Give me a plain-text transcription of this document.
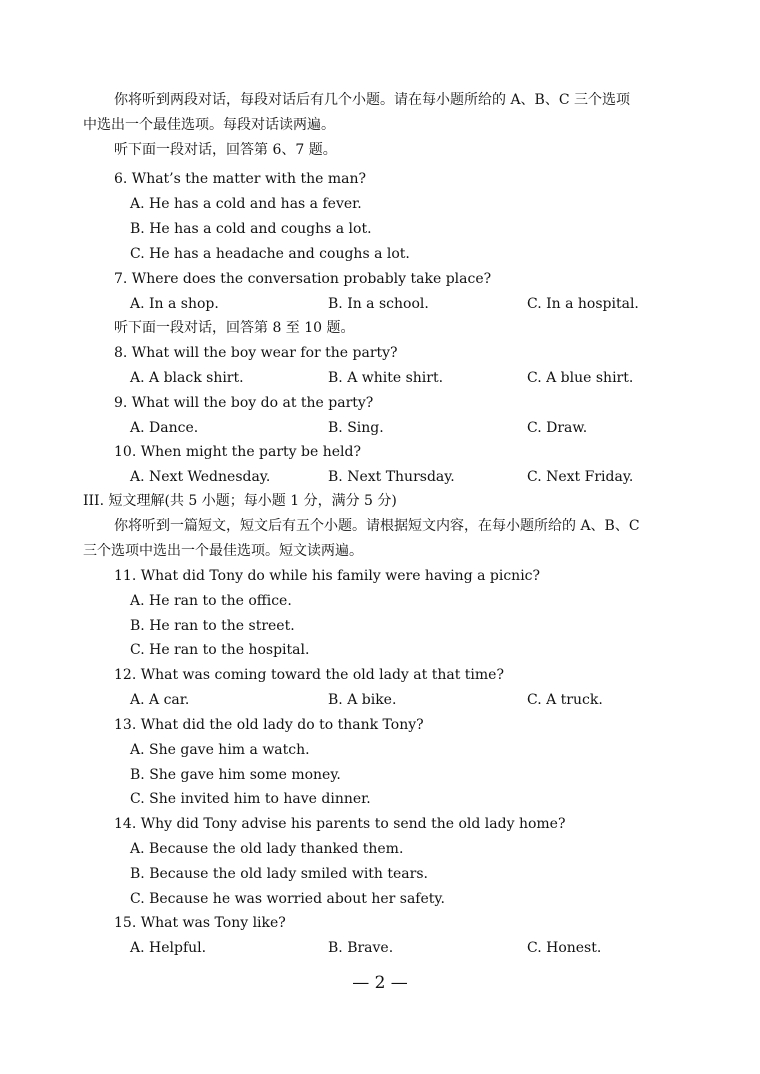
你将听到两段对话，每段对话后有几个小题。请在每小题所给的 A、B、C 三个选项
中选出一个最佳选项。每段对话读两遍。
听下面一段对话，回答第 6、7 题。
6. What’s the matter with the man?
A. He has a cold and has a fever.
B. He has a cold and coughs a lot.
C. He has a headache and coughs a lot.
7. Where does the conversation probably take place?
A. In a shop.	B. In a school.	C. In a hospital.
听下面一段对话，回答第 8 至 10 题。
8. What will the boy wear for the party?
A. A black shirt.	B. A white shirt.	C. A blue shirt.
9. What will the boy do at the party?
A. Dance.	B. Sing.	C. Draw.
10. When might the party be held?
A. Next Wednesday.	B. Next Thursday.	C. Next Friday.
III. 短文理解(共 5 小题；每小题 1 分，满分 5 分)
你将听到一篇短文，短文后有五个小题。请根据短文内容，在每小题所给的 A、B、C
三个选项中选出一个最佳选项。短文读两遍。
11. What did Tony do while his family were having a picnic?
A. He ran to the office.
B. He ran to the street.
C. He ran to the hospital.
12. What was coming toward the old lady at that time?
A. A car.	B. A bike.	C. A truck.
13. What did the old lady do to thank Tony?
A. She gave him a watch.
B. She gave him some money.
C. She invited him to have dinner.
14. Why did Tony advise his parents to send the old lady home?
A. Because the old lady thanked them.
B. Because the old lady smiled with tears.
C. Because he was worried about her safety.
15. What was Tony like?
A. Helpful.	B. Brave.	C. Honest.
— 2 —
